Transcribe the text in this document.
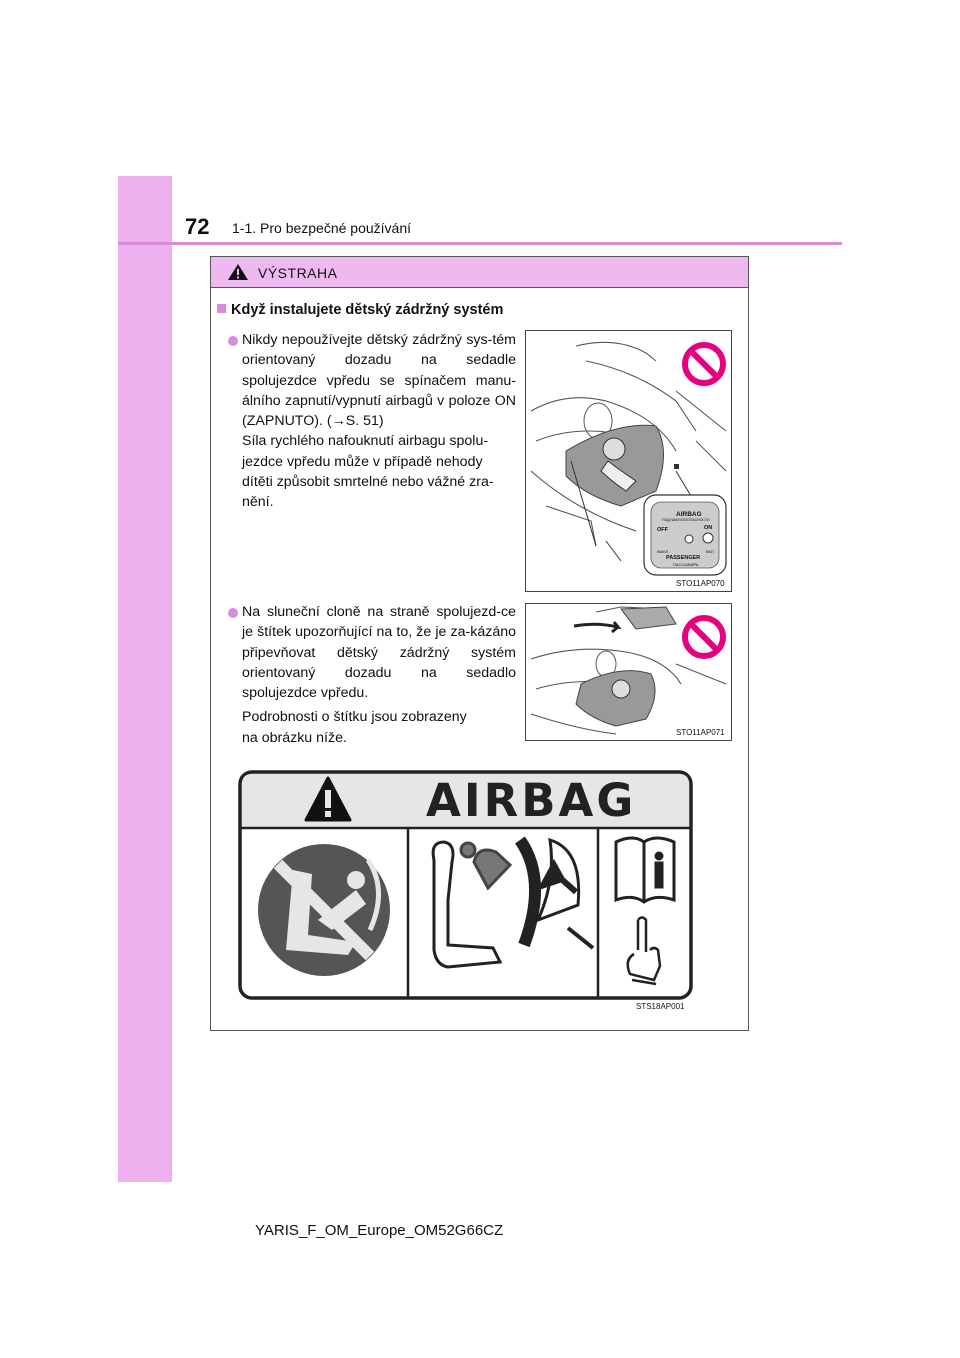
72 1-1. Pro bezpečné používání
VÝSTRAHA
Když instalujete dětský zádržný systém

Nikdy nepoužívejte dětský zádržný sys-tém orientovaný dozadu na sedadle spolujezdce vpředu se spínačem manu-álního zapnutí/vypnutí airbagů v poloze ON (ZAPNUTO). (→S. 51)

Síla rychlého nafouknutí airbagu spolu-jezdce vpředu může v případě nehody dítěti způsobit smrtelné nebo vážné zra-nění.

AIRBAG
ПОДУШКИ БЕЗОПАСНОСТИ
OFF	ON
ВЫКЛ	ВКЛ
PASSENGER
ПАССАЖИРА
STO11AP070

Na sluneční cloně na straně spolujezd-ce je štítek upozorňující na to, že je za-kázáno připevňovat dětský zádržný systém orientovaný dozadu na sedadlo spolujezdce vpředu.

Podrobnosti o štítku jsou zobrazeny na obrázku níže.	STO11AP071
AIRBAG
STS18AP001
YARIS_F_OM_Europe_OM52G66CZ
